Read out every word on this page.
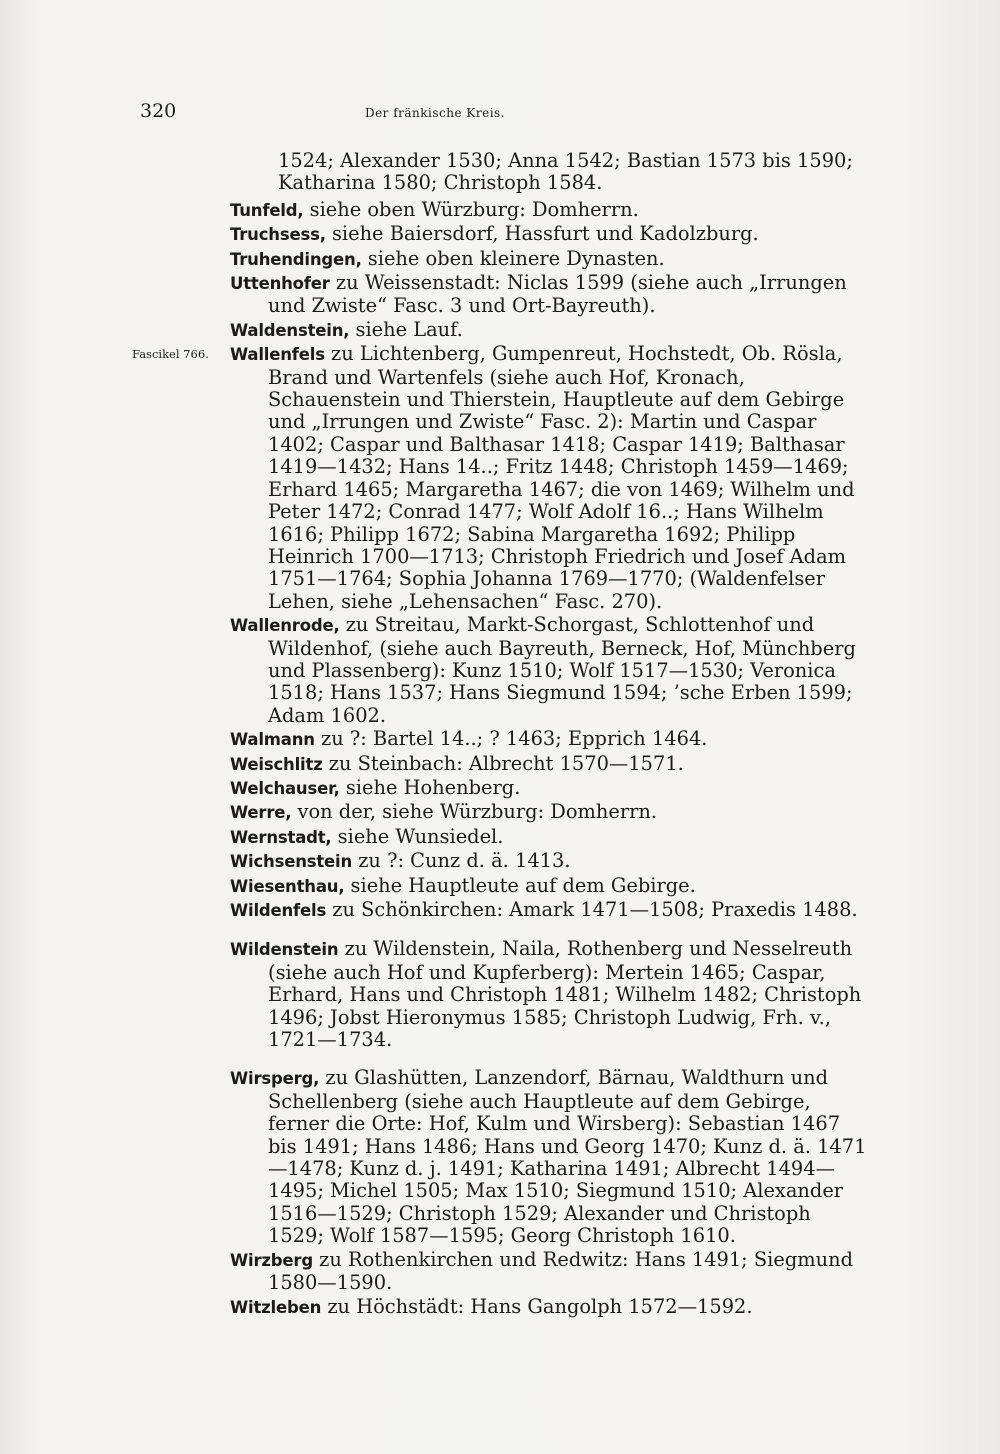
320	Der fränkische Kreis.
Fascikel 766.

1524; Alexander 1530; Anna 1542; Bastian 1573 bis 1590; Katharina 1580; Christoph 1584.

Tunfeld, siehe oben Würzburg: Domherrn.

Truchsess, siehe Baiersdorf, Hassfurt und Kadolzburg.

Truhendingen, siehe oben kleinere Dynasten.

Uttenhofer zu Weissenstadt: Niclas 1599 (siehe auch „Irrungen und Zwiste“ Fasc. 3 und Ort-Bayreuth).

Waldenstein, siehe Lauf.

Wallenfels zu Lichtenberg, Gumpenreut, Hochstedt, Ob. Rösla, Brand und Wartenfels (siehe auch Hof, Kronach, Schauenstein und Thierstein, Hauptleute auf dem Gebirge und „Irrungen und Zwiste“ Fasc. 2): Martin und Caspar 1402; Caspar und Balthasar 1418; Caspar 1419; Balthasar 1419—1432; Hans 14..; Fritz 1448; Christoph 1459—1469; Erhard 1465; Margaretha 1467; die von 1469; Wilhelm und Peter 1472; Conrad 1477; Wolf Adolf 16..; Hans Wilhelm 1616; Philipp 1672; Sabina Margaretha 1692; Philipp Heinrich 1700—1713; Christoph Friedrich und Josef Adam 1751—1764; Sophia Johanna 1769—1770; (Waldenfelser Lehen, siehe „Lehensachen“ Fasc. 270).

Wallenrode, zu Streitau, Markt-Schorgast, Schlottenhof und Wildenhof, (siehe auch Bayreuth, Berneck, Hof, Münchberg und Plassenberg): Kunz 1510; Wolf 1517—1530; Veronica 1518; Hans 1537; Hans Siegmund 1594; ’sche Erben 1599; Adam 1602.

Walmann zu ?: Bartel 14..; ? 1463; Epprich 1464.

Weischlitz zu Steinbach: Albrecht 1570—1571.

Welchauser, siehe Hohenberg.

Werre, von der, siehe Würzburg: Domherrn.

Wernstadt, siehe Wunsiedel.

Wichsenstein zu ?: Cunz d. ä. 1413.

Wiesenthau, siehe Hauptleute auf dem Gebirge.

Wildenfels zu Schönkirchen: Amark 1471—1508; Praxedis 1488.

Wildenstein zu Wildenstein, Naila, Rothenberg und Nesselreuth (siehe auch Hof und Kupferberg): Mertein 1465; Caspar, Erhard, Hans und Christoph 1481; Wilhelm 1482; Christoph 1496; Jobst Hieronymus 1585; Christoph Ludwig, Frh. v., 1721—1734.

Wirsperg, zu Glashütten, Lanzendorf, Bärnau, Waldthurn und Schellenberg (siehe auch Hauptleute auf dem Gebirge, ferner die Orte: Hof, Kulm und Wirsberg): Sebastian 1467 bis 1491; Hans 1486; Hans und Georg 1470; Kunz d. ä. 1471—1478; Kunz d. j. 1491; Katharina 1491; Albrecht 1494—1495; Michel 1505; Max 1510; Siegmund 1510; Alexander 1516—1529; Christoph 1529; Alexander und Christoph 1529; Wolf 1587—1595; Georg Christoph 1610.

Wirzberg zu Rothenkirchen und Redwitz: Hans 1491; Siegmund 1580—1590.

Witzleben zu Höchstädt: Hans Gangolph 1572—1592.
